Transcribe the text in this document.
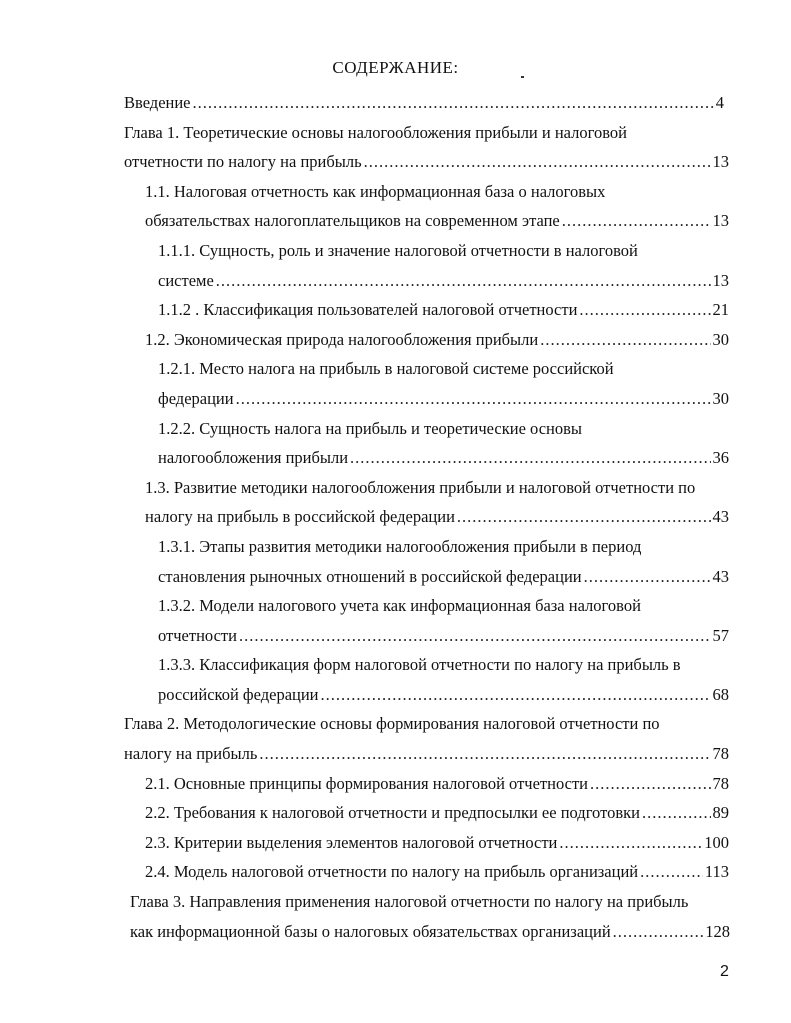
СОДЕРЖАНИЕ:
Введение .....	4
Глава 1. Теоретические основы налогообложения прибыли и налоговой
отчетности по налогу на прибыль .....	13
1.1. Налоговая отчетность как информационная база о налоговых
обязательствах налогоплательщиков на современном этапе .....	13
1.1.1. Сущность, роль и значение налоговой отчетности в налоговой
системе .....	13
1.1.2 . Классификация пользователей налоговой отчетности .....	21
1.2. Экономическая природа налогообложения прибыли .....	30
1.2.1. Место налога на прибыль в налоговой системе российской
федерации .....	30
1.2.2. Сущность налога на прибыль и теоретические основы
налогообложения прибыли .....	36
1.3. Развитие методики налогообложения прибыли и налоговой отчетности по
налогу на прибыль в российской федерации .....	43
1.3.1. Этапы развития методики налогообложения прибыли в период
становления рыночных отношений в российской федерации .....	43
1.3.2. Модели налогового учета как информационная база налоговой
отчетности .....	57
1.3.3. Классификация форм налоговой отчетности по налогу на прибыль в
российской федерации .....	68
Глава 2. Методологические основы формирования налоговой отчетности по
налогу на прибыль .....	78
2.1. Основные принципы формирования налоговой отчетности .....	78
2.2. Требования к налоговой отчетности и предпосылки ее подготовки .....	89
2.3. Критерии выделения элементов налоговой отчетности .....	100
2.4. Модель налоговой отчетности по налогу на прибыль организаций .....	113
Глава 3. Направления применения налоговой отчетности по налогу на прибыль
как информационной базы о налоговых обязательствах организаций .....	128
2
